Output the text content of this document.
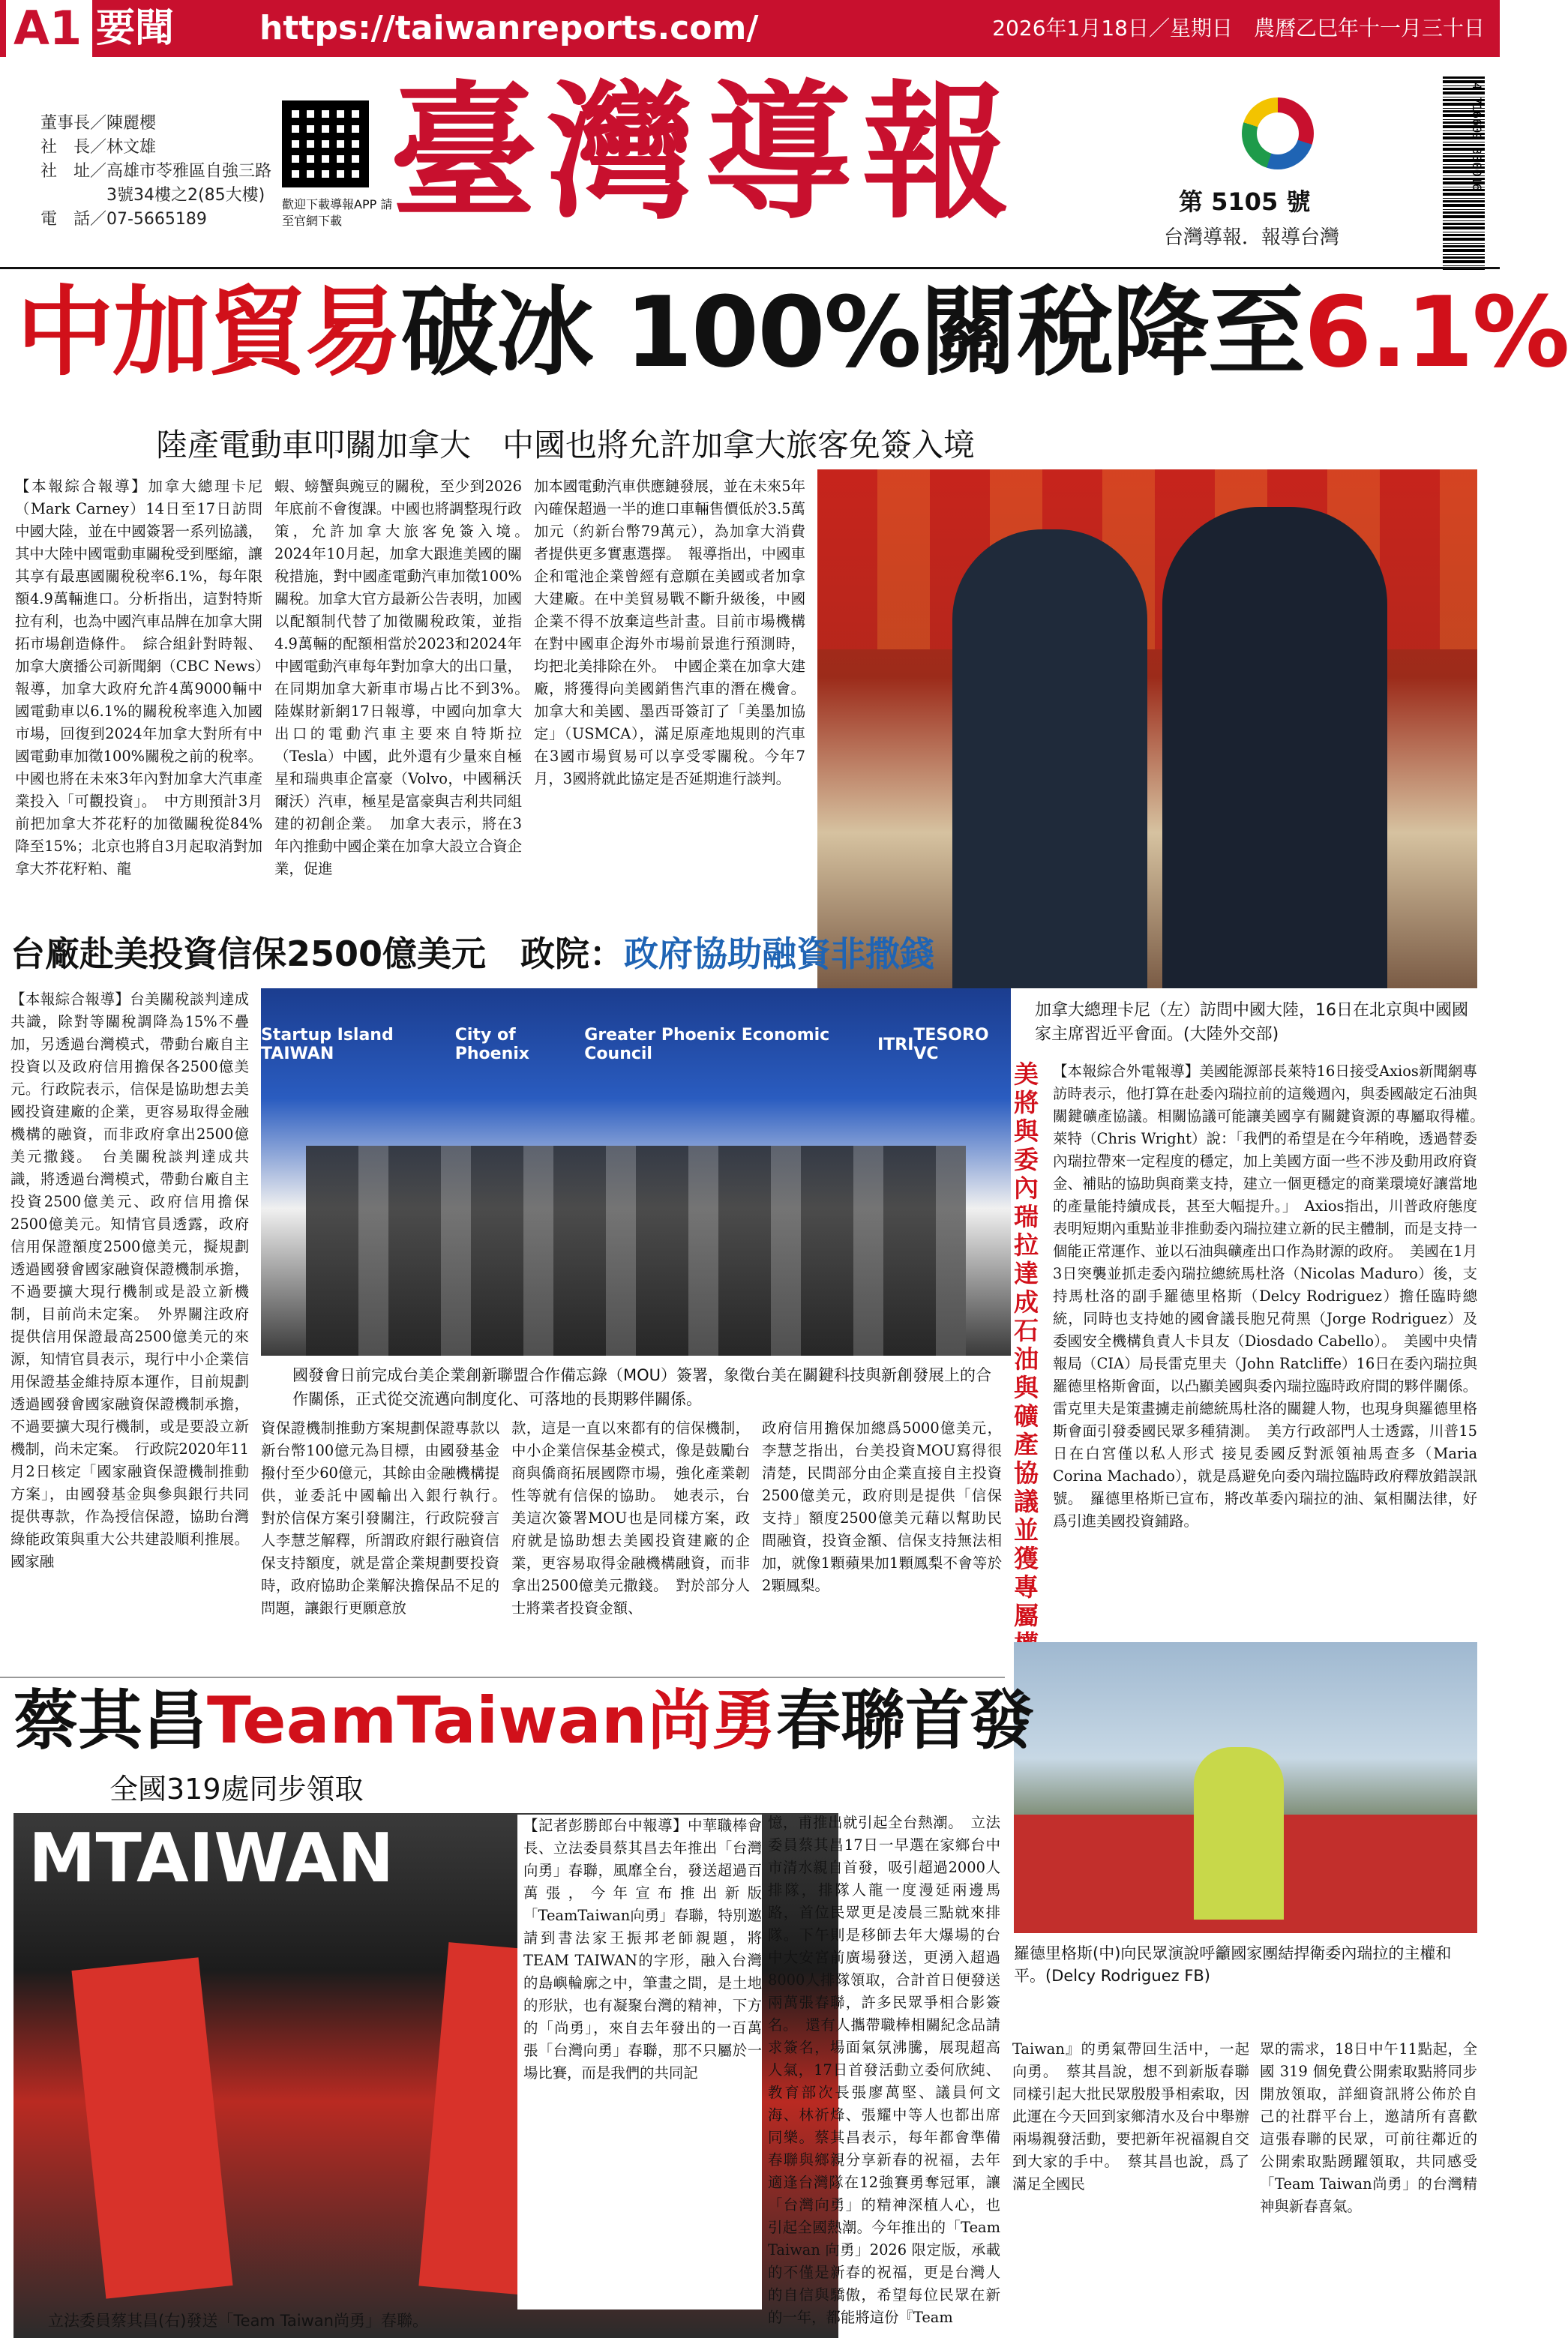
A1 要聞	https://taiwanreports.com/	2026年1月18日／星期日　農曆乙巳年十一月三十日
董事長／陳麗櫻
社　長／林文雄
社　址／高雄市苓雅區自強三路
　　　　3號34樓之2(85大樓)
電　話／07-5665189
歡迎下載導報APP 請至官網下載 臺灣導報	第 5105 號
台灣導報．報導台灣
4 716609 330016
中加貿易破冰 100%關稅降至6.1%
陸產電動車叩關加拿大　中國也將允許加拿大旅客免簽入境
【本報綜合報導】加拿大總理卡尼（Mark Carney）14日至17日訪問中國大陸，並在中國簽署一系列協議，其中大陸中國電動車關稅受到壓縮，讓其享有最惠國關稅稅率6.1%，每年限額4.9萬輛進口。分析指出，這對特斯拉有利，也為中國汽車品牌在加拿大開拓市場創造條件。　綜合組針對時報、加拿大廣播公司新聞網（CBC News）報導，加拿大政府允許4萬9000輛中國電動車以6.1%的關稅稅率進入加國市場，回復到2024年加拿大對所有中國電動車加徵100%關稅之前的稅率。中國也將在未來3年內對加拿大汽車產業投入「可觀投資」。　中方則預計3月前把加拿大芥花籽的加徵關稅從84%降至15%；北京也將自3月起取消對加拿大芥花籽粕、龍
蝦、螃蟹與豌豆的關稅，至少到2026年底前不會復課。中國也將調整現行政策，允許加拿大旅客免簽入境。　2024年10月起，加拿大跟進美國的關稅措施，對中國產電動汽車加徵100%關稅。加拿大官方最新公告表明，加國以配額制代替了加徵關稅政策，並指4.9萬輛的配額相當於2023和2024年中國電動汽車每年對加拿大的出口量，在同期加拿大新車市場占比不到3%。　陸媒財新網17日報導，中國向加拿大出口的電動汽車主要來自特斯拉（Tesla）中國，此外還有少量來自極星和瑞典車企富豪（Volvo，中國稱沃爾沃）汽車，極星是富豪與吉利共同組建的初創企業。　加拿大表示，將在3年內推動中國企業在加拿大設立合資企業，促進
加本國電動汽車供應鏈發展，並在未來5年內確保超過一半的進口車輛售價低於3.5萬加元（約新台幣79萬元），為加拿大消費者提供更多實惠選擇。　報導指出，中國車企和電池企業曾經有意願在美國或者加拿大建廠。在中美貿易戰不斷升級後，中國企業不得不放棄這些計畫。目前市場機構在對中國車企海外市場前景進行預測時，均把北美排除在外。　中國企業在加拿大建廠，將獲得向美國銷售汽車的潛在機會。加拿大和美國、墨西哥簽訂了「美墨加協定」（USMCA），滿足原產地規則的汽車在3國市場貿易可以享受零關稅。今年7月，3國將就此協定是否延期進行談判。
加拿大總理卡尼（左）訪問中國大陸，16日在北京與中國國家主席習近平會面。(大陸外交部)
台廠赴美投資信保2500億美元　政院：政府協助融資非撒錢
【本報綜合報導】台美關稅談判達成共識，除對等關稅調降為15%不疊加，另透過台灣模式，帶動台廠自主投資以及政府信用擔保各2500億美元。行政院表示，信保是協助想去美國投資建廠的企業，更容易取得金融機構的融資，而非政府拿出2500億美元撒錢。　台美關稅談判達成共識，將透過台灣模式，帶動台廠自主投資2500億美元、政府信用擔保2500億美元。知情官員透露，政府信用保證額度2500億美元，擬規劃透過國發會國家融資保證機制承擔，不過要擴大現行機制或是設立新機制，目前尚未定案。　外界關注政府提供信用保證最高2500億美元的來源，知情官員表示，現行中小企業信用保證基金維持原本運作，目前規劃透過國發會國家融資保證機制承擔，不過要擴大現行機制，或是要設立新機制，尚未定案。　行政院2020年11月2日核定「國家融資保證機制推動方案」，由國發基金與參與銀行共同提供專款，作為授信保證，協助台灣綠能政策與重大公共建設順利推展。國家融
Startup Island TAIWAN
City of Phoenix
Greater Phoenix Economic Council	ITRI TESORO VC
國發會日前完成台美企業創新聯盟合作備忘錄（MOU）簽署，象徵台美在關鍵科技與新創發展上的合作關係，正式從交流邁向制度化、可落地的長期夥伴關係。
資保證機制推動方案規劃保證專款以新台幣100億元為目標，由國發基金撥付至少60億元，其餘由金融機構提供，並委託中國輸出入銀行執行。　對於信保方案引發關注，行政院發言人李慧芝解釋，所謂政府銀行融資信保支持額度，就是當企業規劃要投資時，政府協助企業解決擔保品不足的問題，讓銀行更願意放
款，這是一直以來都有的信保機制，中小企業信保基金模式，像是鼓勵台商與僑商拓展國際市場，強化產業韌性等就有信保的協助。　她表示，台美這次簽署MOU也是同樣方案，政府就是協助想去美國投資建廠的企業，更容易取得金融機構融資，而非拿出2500億美元撒錢。　對於部分人士將業者投資金額、
政府信用擔保加總爲5000億美元，李慧芝指出，台美投資MOU寫得很清楚，民間部分由企業直接自主投資2500億美元，政府則是提供「信保支持」額度2500億美元藉以幫助民間融資，投資金額、信保支持無法相加，就像1顆蘋果加1顆鳳梨不會等於2顆鳳梨。
美將與委內瑞拉達成石油與礦產協議並獲專屬
【本報綜合外電報導】美國能源部長萊特16日接受Axios新聞網專訪時表示，他打算在赴委內瑞拉前的這幾週內，與委國敲定石油與關鍵礦產協議。相關協議可能讓美國享有關鍵資源的專屬取得權。　萊特（Chris Wright）說：「我們的希望是在今年稍晚，透過替委內瑞拉帶來一定程度的穩定，加上美國方面一些不涉及動用政府資金、補貼的協助與商業支持，建立一個更穩定的商業環境好讓當地的產量能持續成長，甚至大幅提升。」　Axios指出，川普政府態度表明短期內重點並非推動委內瑞拉建立新的民主體制，而是支持一個能正常運作、並以石油與礦產出口作為財源的政府。　美國在1月3日突襲並抓走委內瑞拉總統馬杜洛（Nicolas Maduro）後，支持馬杜洛的副手羅德里格斯（Delcy Rodriguez）擔任臨時總統，同時也支持她的國會議長胞兄荷黑（Jorge Rodriguez）及委國安全機構負責人卡貝友（Diosdado Cabello）。　美國中央情報局（CIA）局長雷克里夫（John Ratcliffe）16日在委內瑞拉與羅德里格斯會面，以凸顯美國與委內瑞拉臨時政府間的夥伴關係。雷克里夫是策畫擄走前總統馬杜洛的關鍵人物，也現身與羅德里格斯會面引發委國民眾多種猜測。　美方行政部門人士透露，川普15日在白宮僅以私人形式 接見委國反對派領袖馬查多（Maria Corina Machado），就是爲避免向委內瑞拉臨時政府釋放錯誤訊號。　羅德里格斯已宣布，將改革委內瑞拉的油、氣相關法律，好爲引進美國投資鋪路。
羅德里格斯(中)向民眾演說呼籲國家團結捍衛委內瑞拉的主權和平。(Delcy Rodriguez FB)
蔡其昌TeamTaiwan尚勇春聯首發
全國319處同步領取
MTAIWAN	【記者彭勝郎台中報導】中華職棒會長、立法委員蔡其昌去年推出「台灣向勇」春聯，風靡全台，發送超過百萬張，今年宣布推出新版「TeamTaiwan向勇」春聯，特別邀請到書法家王振邦老師親題，將TEAM TAIWAN的字形，融入台灣的島嶼輪廓之中，筆畫之間，是土地的形狀，也有凝聚台灣的精神，下方的「尚勇」，來自去年發出的一百萬張「台灣向勇」春聯，那不只屬於一場比賽，而是我們的共同記
立法委員蔡其昌(右)發送「Team Taiwan尚勇」春聯。
憶，甫推出就引起全台熱潮。　立法委員蔡其昌17日一早選在家鄉台中市清水親自首發，吸引超過2000人排隊，排隊人龍一度漫延兩邊馬路，首位民眾更是凌晨三點就來排隊。下午則是移師去年大爆場的台中大安宮前廣場發送，更湧入超過8000人排隊領取，合計首日便發送兩萬張春聯，許多民眾爭相合影簽名。　還有人攜帶職棒相關紀念品請求簽名，場面氣氛沸騰，展現超高人氣，17日首發活動立委何欣純、教育部次長張廖萬堅、議員何文海、林祈烽、張耀中等人也都出席同樂。蔡其昌表示，每年都會準備春聯與鄉親分享新春的祝福，去年適逢台灣隊在12強賽勇奪冠軍，讓「台灣向勇」的精神深植人心，也引起全國熱潮。今年推出的「Team Taiwan 向勇」2026 限定版，承載的不僅是新春的祝福，更是台灣人的自信與驕傲，希望每位民眾在新的一年，都能將這份『Team
Taiwan』的勇氣帶回生活中，一起向勇。　蔡其昌說，想不到新版春聯同樣引起大批民眾殷殷爭相索取，因此運在今天回到家鄉清水及台中舉辦兩場親發活動，要把新年祝福親自交到大家的手中。　蔡其昌也說，爲了滿足全國民
眾的需求，18日中午11點起，全國 319 個免費公開索取點將同步開放領取，詳細資訊將公佈於自己的社群平台上，邀請所有喜歡這張春聯的民眾，可前往鄰近的公開索取點踴躍領取，共同感受「Team Taiwan尚勇」的台灣精神與新春喜氣。
